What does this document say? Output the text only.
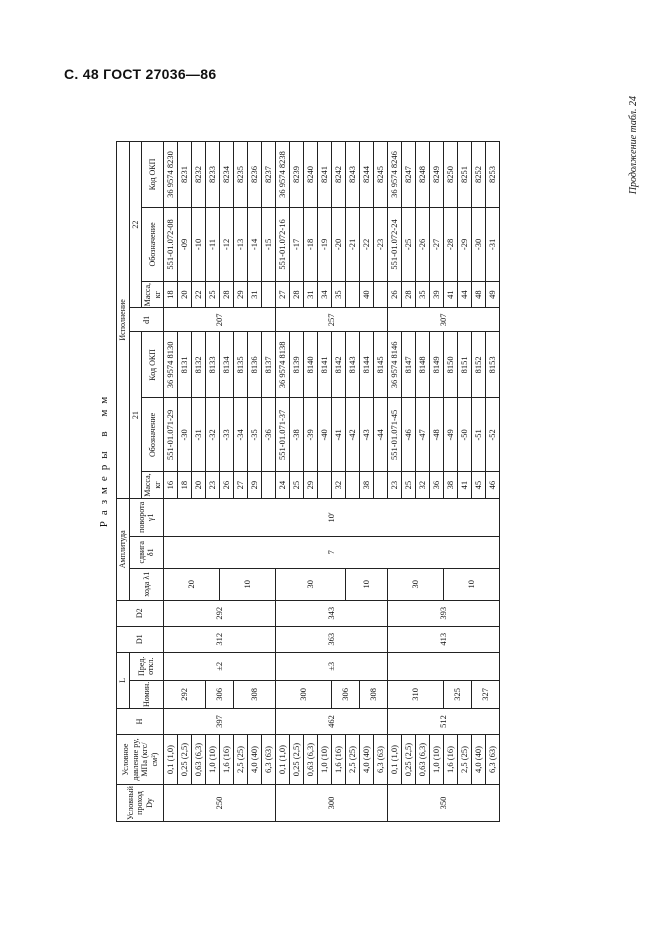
С. 48 ГОСТ 27036—86
Продолжение табл. 24
Размеры в мм
Условный проход Dy	Условное давление py, МПа (кгс/см²)	H	L		D1	D2	Амплитуда			Исполнение						
			Номин.	Пред. откл.			хода λ1	сдвига δ1	поворота γ1	21			d1	22		
										Масса, кг	Обозначение	Код ОКП		Масса, кг	Обозначение	Код ОКП
250	0,1 (1,0)	397	292	±2	312	292	20	7	10′	16	551-01.071-29	36 9574 8130	207	18	551-01.072-08	36 9574 8230
	0,25 (2,5)									18	-30	8131		20	-09	8231
	0,63 (6,3)									20	-31	8132		22	-10	8232
	1,0 (10)		306							23	-32	8133		25	-11	8233
	1,6 (16)						10			26	-33	8134		28	-12	8234
	2,5 (25)		308							27	-34	8135		29	-13	8235
	4,0 (40)									29	-35	8136		31	-14	8236
	6,3 (63)										-36	8137			-15	8237
300	0,1 (1,0)	462	300	±3	363	343	30			24	551-01.071-37	36 9574 8138	257	27	551-01.072-16	36 9574 8238
	0,25 (2,5)									25	-38	8139		28	-17	8239
	0,63 (6,3)									29	-39	8140		31	-18	8240
	1,0 (10)										-40	8141		34	-19	8241
	1,6 (16)		306							32	-41	8142		35	-20	8242
	2,5 (25)						10				-42	8143			-21	8243
	4,0 (40)		308							38	-43	8144		40	-22	8244
	6,3 (63)										-44	8145			-23	8245
350	0,1 (1,0)	512	310		413	393	30			23	551-01.071-45	36 9574 8146	307	26	551-01.072-24	36 9574 8246
	0,25 (2,5)									25	-46	8147		28	-25	8247
	0,63 (6,3)									32	-47	8148		35	-26	8248
	1,0 (10)									36	-48	8149		39	-27	8249
	1,6 (16)		325				10			38	-49	8150		41	-28	8250
	2,5 (25)									41	-50	8151		44	-29	8251
	4,0 (40)		327							45	-51	8152		48	-30	8252
	6,3 (63)									46	-52	8153		49	-31	8253
